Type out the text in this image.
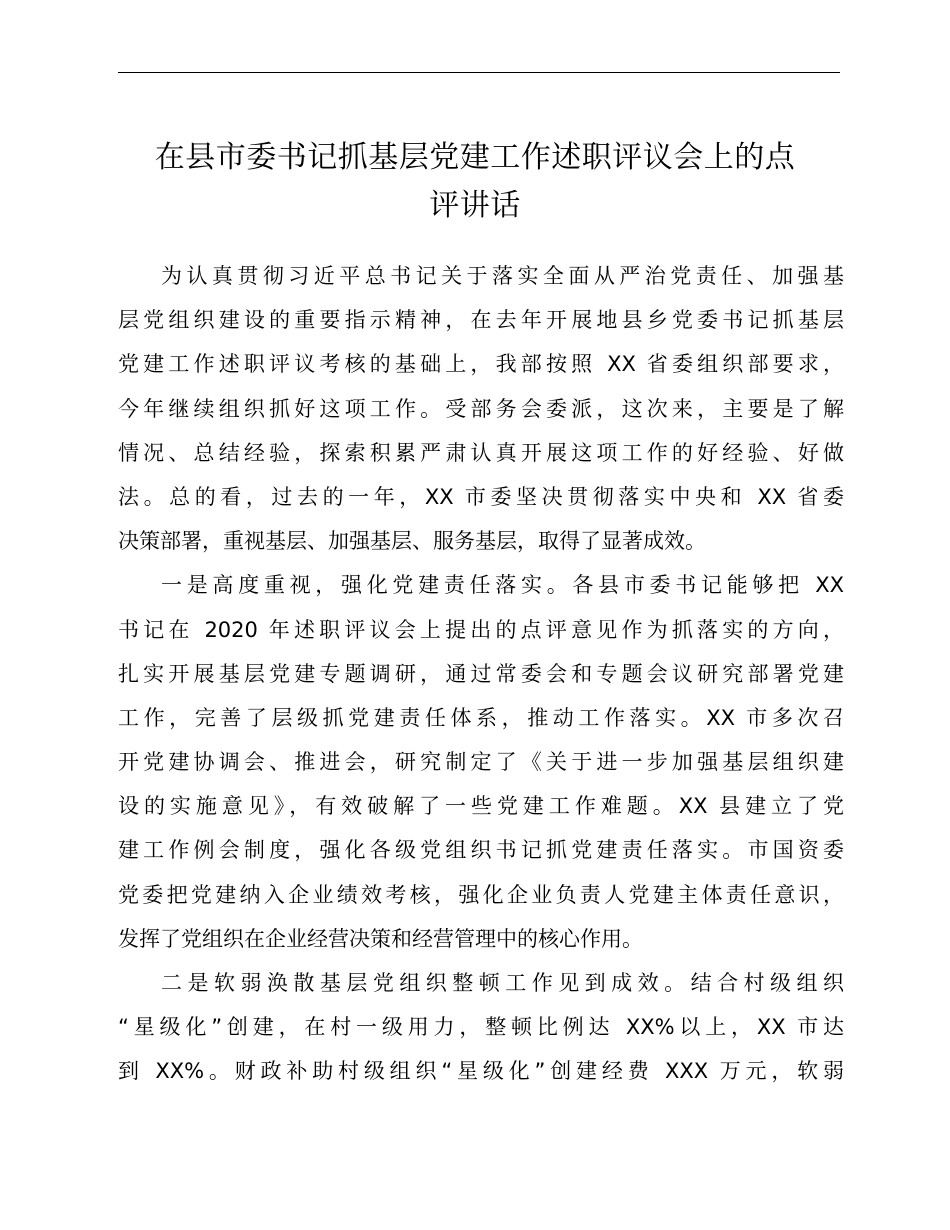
在县市委书记抓基层党建工作述职评议会上的点
评讲话
为认真贯彻习近平总书记关于落实全面从严治党责任、加强基
层党组织建设的重要指示精神，在去年开展地县乡党委书记抓基层
党建工作述职评议考核的基础上，我部按照 XX 省委组织部要求，
今年继续组织抓好这项工作。受部务会委派，这次来，主要是了解
情况、总结经验，探索积累严肃认真开展这项工作的好经验、好做
法。总的看，过去的一年，XX 市委坚决贯彻落实中央和 XX 省委
决策部署，重视基层、加强基层、服务基层，取得了显著成效。
一是高度重视，强化党建责任落实。各县市委书记能够把 XX
书记在 2020 年述职评议会上提出的点评意见作为抓落实的方向，
扎实开展基层党建专题调研，通过常委会和专题会议研究部署党建
工作，完善了层级抓党建责任体系，推动工作落实。XX 市多次召
开党建协调会、推进会，研究制定了《关于进一步加强基层组织建
设的实施意见》，有效破解了一些党建工作难题。XX 县建立了党
建工作例会制度，强化各级党组织书记抓党建责任落实。市国资委
党委把党建纳入企业绩效考核，强化企业负责人党建主体责任意识，
发挥了党组织在企业经营决策和经营管理中的核心作用。
二是软弱涣散基层党组织整顿工作见到成效。结合村级组织
“星级化”创建，在村一级用力，整顿比例达 XX%以上，XX 市达
到 XX%。财政补助村级组织“星级化”创建经费 XXX 万元，软弱
